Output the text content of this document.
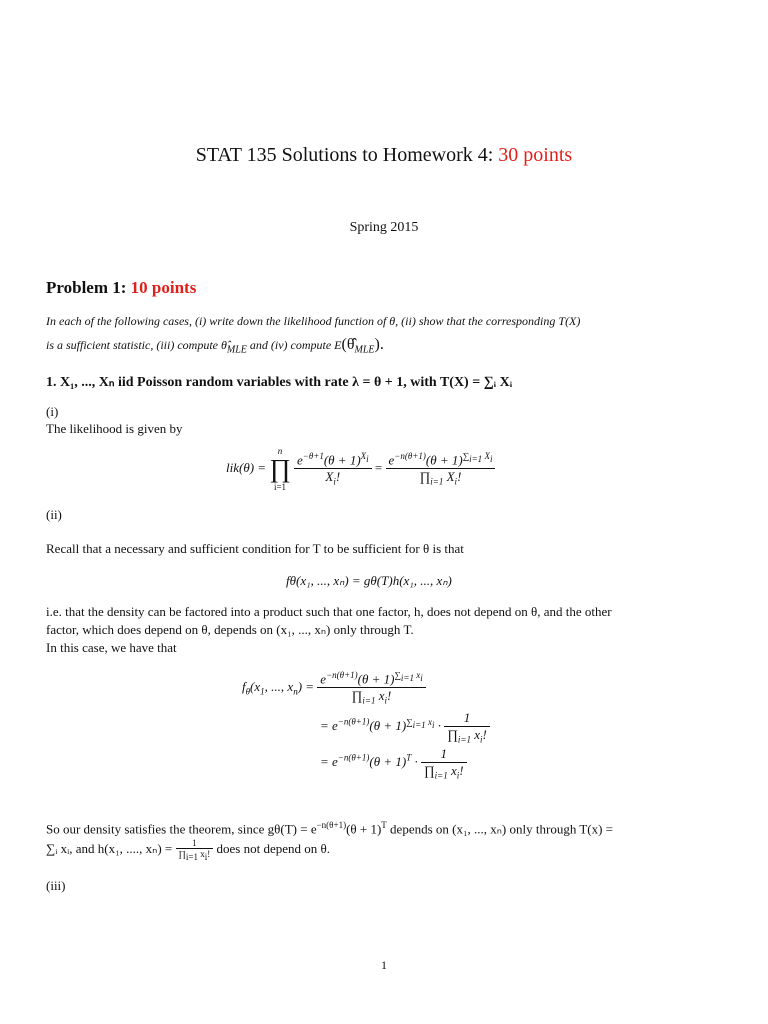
STAT 135 Solutions to Homework 4: 30 points
Spring 2015
Problem 1: 10 points
In each of the following cases, (i) write down the likelihood function of θ, (ii) show that the corresponding T(X)
is a sufficient statistic, (iii) compute $\thetâ_{MLE}$ and (iv) compute $E(\thetâ_{MLE})$.
1. X₁, ..., Xₙ iid Poisson random variables with rate λ = θ + 1, with T(X) = ∑ᵢ Xᵢ
(i)
The likelihood is given by
lik(θ) =
n
∏
i=1

$\frac{e^{-\theta+1}(\theta + 1)^{X_i}}{X_i!} = \frac{e^{-n(\theta+1)}(\theta + 1)^{\sum_{i=1} X_i}}{\prod_{i=1} X_i!}$
(ii)
Recall that a necessary and sufficient condition for T to be sufficient for θ is that
fθ(x₁, ..., xₙ) = gθ(T)h(x₁, ..., xₙ)
i.e. that the density can be factored into a product such that one factor, h, does not depend on θ, and the other
factor, which does depend on θ, depends on (x₁, ..., xₙ) only through T.
In this case, we have that
$f_\theta(x_1$, ..., $x_n) = \frac{e^{-n(\theta+1)}(\theta + 1)^{\sum_{i=1} x_i}}{\prod_{i=1} x_i!}$
= $e^{-n(\theta+1)}(\theta + 1)^{\sum_{i=1} x_i} \cdot \frac{1}{\prod_{i=1} x_i!}$
= $e^{-n(\theta+1)}(\theta + 1)^T \cdot \frac{1}{\prod_{i=1} x_i!}$
So our density satisfies the theorem, since $g\theta(T) = e^{-n(\theta+1)}(\theta + 1)^T$ depends on (x₁, ..., xₙ) only through T(x) =
∑ᵢ xᵢ, and h(x₁, ...., $x_n) = \frac{1}{\prod_{i=1} x_i!}$ does not depend on θ.
(iii)
1
